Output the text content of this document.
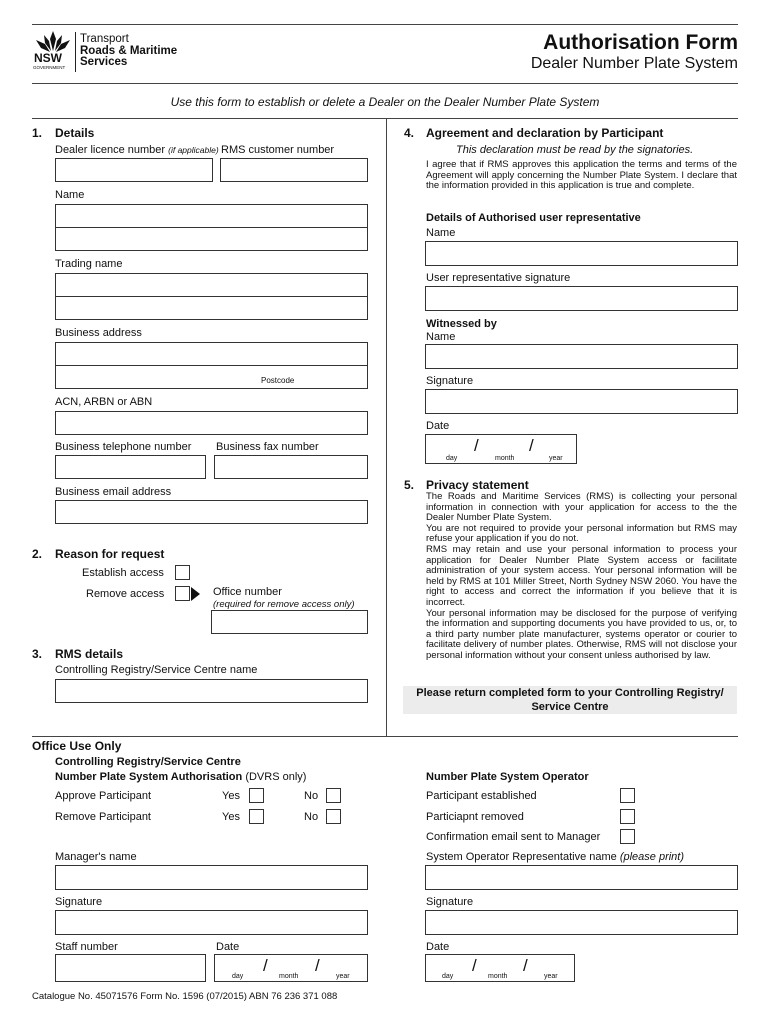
NSW
GOVERNMENT
Transport
Roads & Maritime
Services
Authorisation Form
Dealer Number Plate System
Use this form to establish or delete a Dealer on the Dealer Number Plate System
1. Details
Dealer licence number (if applicable) RMS customer number
Name
Trading name
Business address
Postcode
ACN, ARBN or ABN
Business telephone number Business fax number
Business email address
2. Reason for request
Establish access
Remove access	Office number
(required for remove access only)
3. RMS details
Controlling Registry/Service Centre name
4. Agreement and declaration by Participant
This declaration must be read by the signatories.
I agree that if RMS approves this application the terms and terms of the Agreement will apply concerning the Number Plate System. I declare that the information provided in this application is true and complete.
Details of Authorised user representative
Name
User representative signature
Witnessed by
Name
Signature
Date
/	/
day	month	year
5. Privacy statement
The Roads and Maritime Services (RMS) is collecting your personal information in connection with your application for access to the the Dealer Number Plate System.
You are not required to provide your personal information but RMS may refuse your application if you do not.
RMS may retain and use your personal information to process your application for Dealer Number Plate System access or facilitate administration of your system access. Your personal information will be held by RMS at 101 Miller Street, North Sydney NSW 2060. You have the right to access and correct the information if you believe that it is incorrect.
Your personal information may be disclosed for the purpose of verifying the information and supporting documents you have provided to us, or, to a third party number plate manufacturer, systems operator or courier to facilitate delivery of number plates. Otherwise, RMS will not disclose your personal information without your consent unless authorised by law.
Please return completed form to your Controlling Registry/
Service Centre
Office Use Only
Controlling Registry/Service Centre
Number Plate System Authorisation (DVRS only)
Approve Participant	Yes	No
Remove Participant	Yes	No
Number Plate System Operator
Participant established
Particiapnt removed
Confirmation email sent to Manager
Manager's name	System Operator Representative name (please print)
Signature	Signature
Staff number	Date
/	/
day	month	year
Date
/	/
day	month	year
Catalogue No. 45071576 Form No. 1596 (07/2015) ABN 76 236 371 088
